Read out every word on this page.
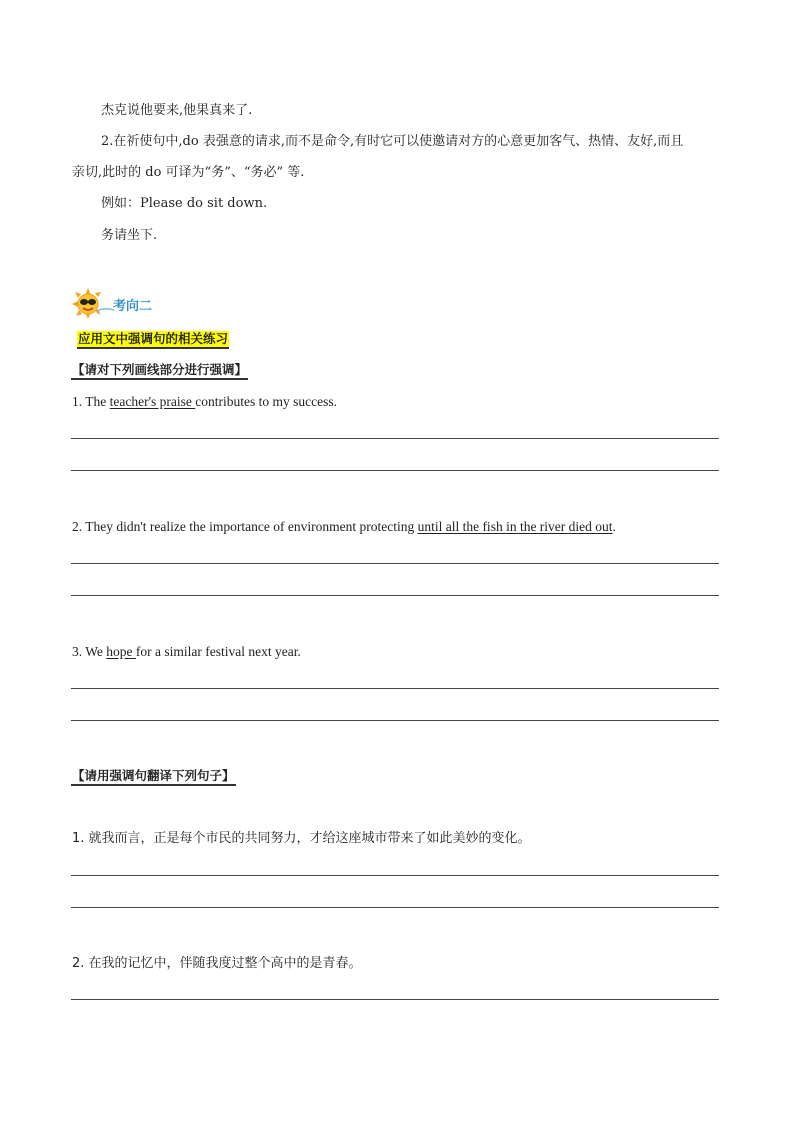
杰克说他要来,他果真来了.
2.在祈使句中,do 表强意的请求,而不是命令,有时它可以使邀请对方的心意更加客气、热情、友好,而且
亲切,此时的 do 可译为“务”、“务必” 等.
例如：Please do sit down.
务请坐下.
考向二
应用文中强调句的相关练习
【请对下列画线部分进行强调】
1. The teacher's praise contributes to my success.
2. They didn't realize the importance of environment protecting until all the fish in the river died out.
3. We hope for a similar festival next year.
【请用强调句翻译下列句子】
1. 就我而言，正是每个市民的共同努力，才给这座城市带来了如此美妙的变化。
2. 在我的记忆中，伴随我度过整个高中的是青春。
